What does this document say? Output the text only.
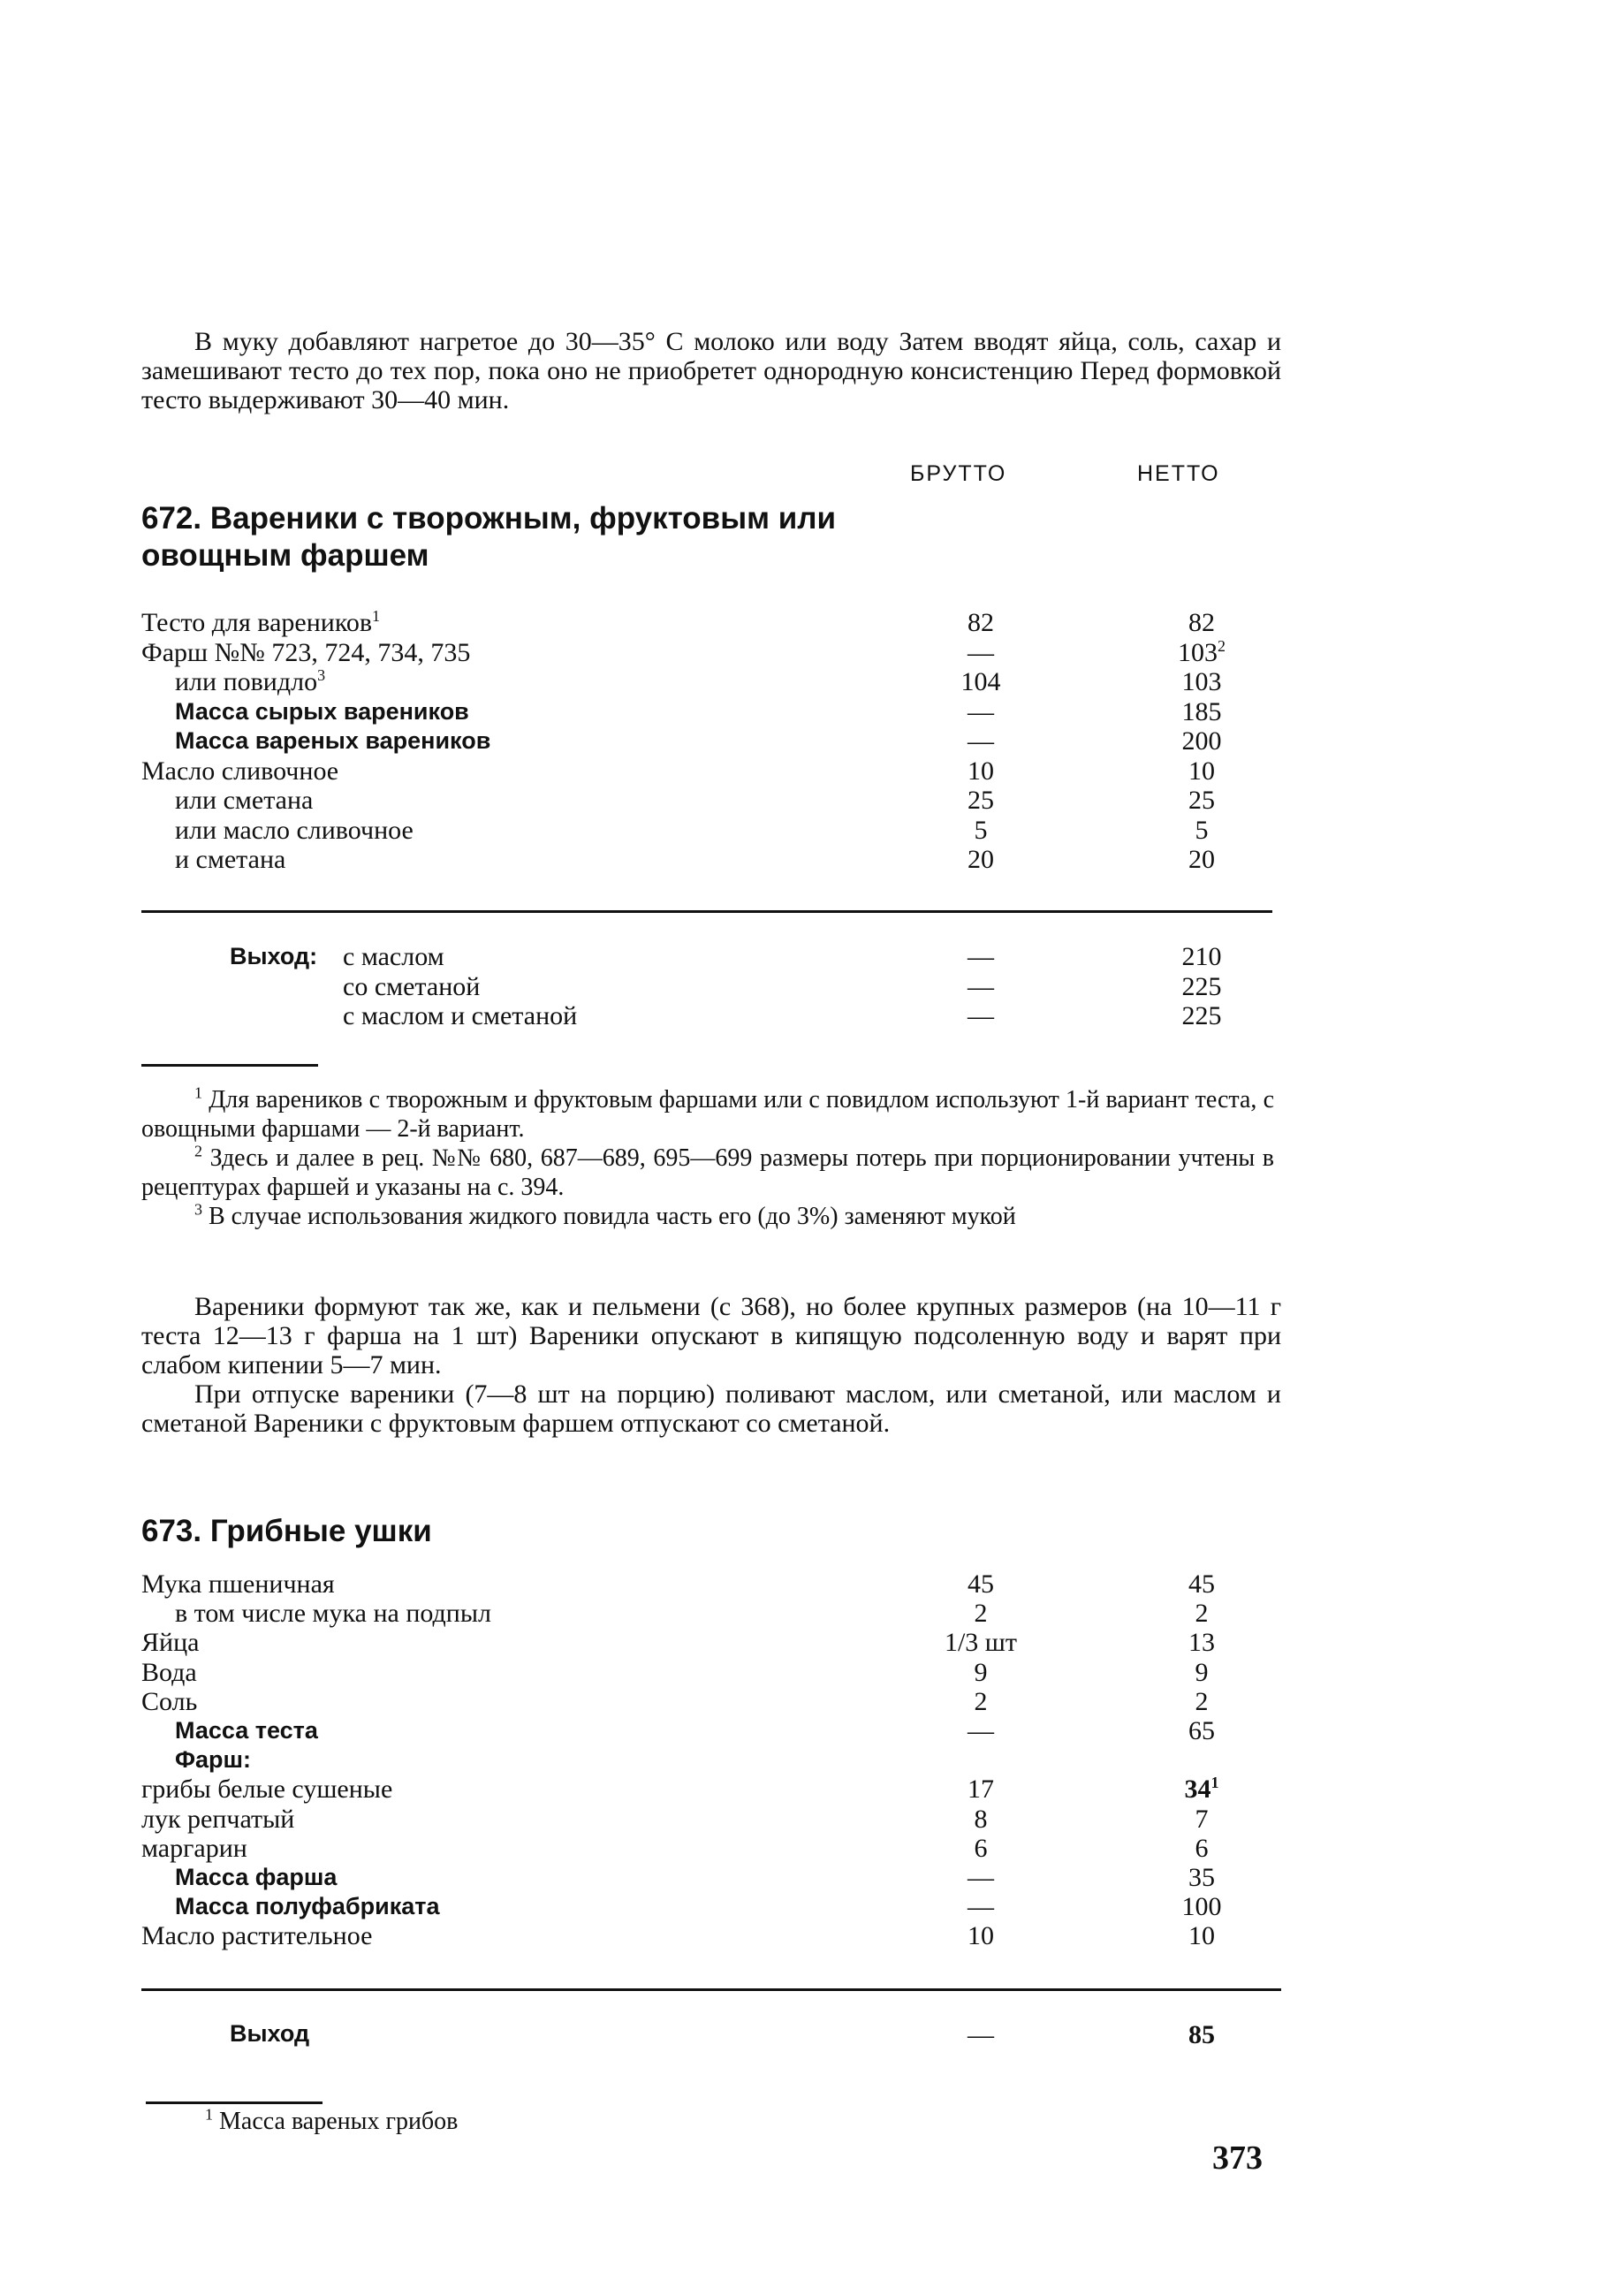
В муку добавляют нагретое до 30—35° С молоко или воду Затем вводят яйца, соль, сахар и замешивают тесто до тех пор, пока оно не приобретет однородную консистенцию Перед формовкой тесто выдерживают 30—40 мин.

БРУТТО	НЕТТО
672. Вареники с творожным, фруктовым или овощным фаршем
Тесто для вареников$^1$	82	82
Фарш №№ 723, 724, 734, 735	—	$103^2$
или повидло$^3$	104	103
Масса сырых вареников	—	185
Масса вареных вареников	—	200
Масло сливочное	10	10
или сметана	25	25
или масло сливочное	5	5
и сметана	20	20
Выход: с маслом	—	210
со сметаной	—	225
с маслом и сметаной	—	225

$^1$ Для вареников с творожным и фруктовым фаршами или с повидлом используют 1-й вариант теста, с овощными фаршами — 2-й вариант.

$^2$ Здесь и далее в рец. №№ 680, 687—689, 695—699 размеры потерь при порционировании учтены в рецептурах фаршей и указаны на с. 394.

$^3$ В случае использования жидкого повидла часть его (до 3%) заменяют мукой

Вареники формуют так же, как и пельмени (с 368), но более крупных размеров (на 10—11 г теста 12—13 г фарша на 1 шт) Вареники опускают в кипящую подсоленную воду и варят при слабом кипении 5—7 мин.

При отпуске вареники (7—8 шт на порцию) поливают маслом, или сметаной, или маслом и сметаной Вареники с фруктовым фаршем отпускают со сметаной.

673. Грибные ушки
Мука пшеничная	45	45
в том числе мука на подпыл	2	2
Яйца	1/3 шт	13
Вода	9	9
Соль	2	2
Масса теста	—	65
Фарш:
грибы белые сушеные	17	$34^1$
лук репчатый	8	7
маргарин	6	6
Масса фарша	—	35
Масса полуфабриката	—	100
Масло растительное	10	10
Выход	—	85

$^1$ Масса вареных грибов

373
